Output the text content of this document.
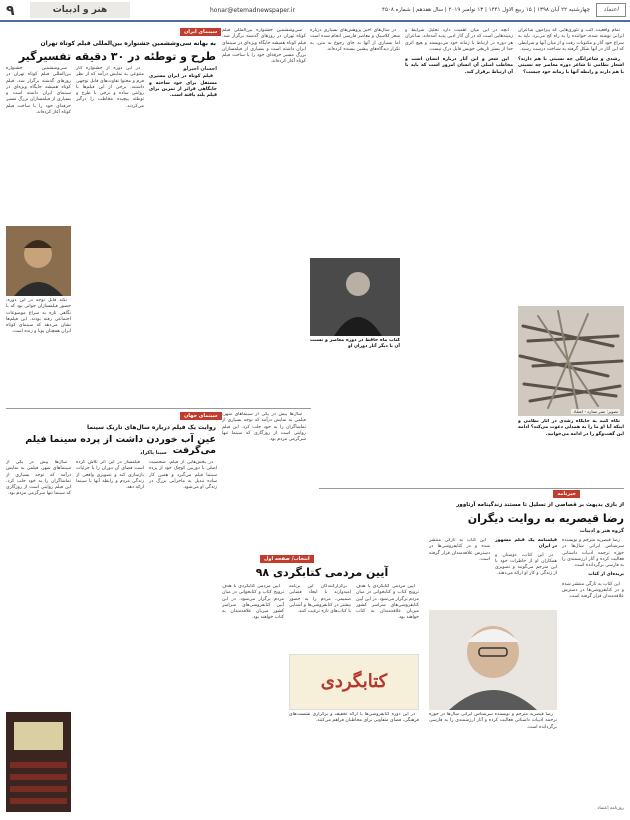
۹	هنر و ادبیات	honar@etemadnewspaper.ir	چهارشنبه ۲۲ آبان ۱۳۹۸ | ۱۵ ربیع الاول ۱۴۴۱ | ۱۳ نوامبر ۲۰۱۹ | سال هفدهم | شماره ۴۵۰۸	اعتماد

تمام واقعیت کتب و تئوری‌هایی که پیرامون شاعران ایرانی نوشته شده، خواننده را به راه کج می‌برد. باید به سراغ خود آثار و مکتوبات رفت و از میان آنها و شرایطی که این آثار در آنها شکل گرفته به شناخت درست رسید.

رشدی و شاعرانگی چه نسبتی با هم دارند؟ اشعار نظامی تا شاعر دوره معاصر چه نسبتی با هم دارند و رابطه آنها با زمانه خود چیست؟

تصویر: عنبر ستاره - اعتماد

نگاه کنید به جایگاه رشدی در آثار نظامی و اینکه آیا او ما را به همدلی دعوت می‌کند؟ ادامه این گفت‌وگو را در ادامه می‌خوانید.

آنچه در این میان اهمیت دارد تحلیل شرایط و زمینه‌هایی است که در آن آثار ادبی پدید آمده‌اند. شاعران هر دوره در ارتباط با زمانه خود می‌نویسند و هیچ اثری جدا از بستر تاریخی خویش قابل درک نیست.

این شعر و این آثار درباره انسان است و مخاطب اصلی آن انسان امروز است که باید با آن ارتباط برقرار کند.

در سال‌های اخیر پژوهش‌های بسیاری درباره شعر کلاسیک و معاصر فارسی انجام شده است اما بسیاری از آنها به جای رجوع به متن، به تکرار دیدگاه‌های پیشین بسنده کرده‌اند.

کتاب ماه حافظ در دوره معاصر و نسبت آن با دیگر آثار دوران او
سینمای ایران
به بهانه سی‌وششمین جشنواره بین‌المللی فیلم کوتاه تهران
طرح و توطئه در ۳۰ دقیقه تفسیرگیر

سی‌وششمین جشنواره بین‌المللی فیلم کوتاه تهران در روزهای گذشته برگزار شد. فیلم کوتاه همیشه جایگاه ویژه‌ای در سینمای ایران داشته است و بسیاری از فیلمسازان بزرگ مسیر حرفه‌ای خود را با ساخت فیلم کوتاه آغاز کرده‌اند.

نکته قابل توجه در این دوره، حضور فیلمسازان جوانی بود که با نگاهی تازه به سراغ موضوعات اجتماعی رفته بودند. این فیلم‌ها نشان می‌دهد که سینمای کوتاه ایران همچنان پویا و زنده است.

در این دوره از جشنواره آثار متنوعی به نمایش درآمد که از نظر فرم و محتوا تفاوت‌های قابل توجهی داشتند. برخی از این فیلم‌ها با روایتی ساده و برخی با طرح و توطئه پیچیده مخاطب را درگیر می‌کردند.

احسان آجیرلو

فیلم کوتاه در ایران مسیری مستقل برای خود ساخته و جایگاهی فراتر از تمرین برای فیلم بلند یافته است.

سی‌وششمین جشنواره بین‌المللی فیلم کوتاه تهران در روزهای گذشته برگزار شد. فیلم کوتاه همیشه جایگاه ویژه‌ای در سینمای ایران داشته است و بسیاری از فیلمسازان بزرگ مسیر حرفه‌ای خود را با ساخت فیلم کوتاه آغاز کرده‌اند.

سینمای جهان
روایت یک فیلم درباره سال‌های تاریک سینما
عین آب خوردن داشت از پرده سینما فیلم می‌گرفت
سینا پاکزاد

سال‌ها پیش در یکی از سینماهای شهر، فیلمی به نمایش درآمد که توجه بسیاری از تماشاگران را به خود جلب کرد. این فیلم روایتی است از روزگاری که سینما تنها سرگرمی مردم بود.

فیلمساز در این اثر تلاش کرده است فضای آن دوران را با جزئیات بازسازی کند و تصویری واقعی از زندگی مردم و رابطه آنها با سینما ارائه دهد.

در بخش‌هایی از فیلم، شخصیت اصلی با دوربین کوچک خود از پرده سینما فیلم می‌گیرد و همین کار ساده تبدیل به ماجرایی بزرگ در زندگی او می‌شود.

سال‌ها پیش در یکی از سینماهای شهر، فیلمی به نمایش درآمد که توجه بسیاری از تماشاگران را به خود جلب کرد. این فیلم روایتی است از روزگاری که سینما تنها سرگرمی مردم بود.

انتخاب/ صفحه اول
آیین مردمی کتابگردی ۹۸

آیین مردمی کتابگردی با هدف ترویج کتاب و کتابخوانی در میان مردم برگزار می‌شود. در این آیین کتابفروشی‌های سراسر کشور میزبان علاقه‌مندان به کتاب خواهند بود.

برگزارکنندگان این برنامه امیدوارند با ایجاد فضایی صمیمی، مردم را به حضور بیشتر در کتابفروشی‌ها و آشنایی با کتاب‌های تازه ترغیب کنند.

کتابگردی

در این دوره کتابفروشی‌ها با ارائه تخفیف و برگزاری نشست‌های فرهنگی، فضای متفاوتی برای مخاطبان فراهم می‌کنند.

آیین مردمی کتابگردی با هدف ترویج کتاب و کتابخوانی در میان مردم برگزار می‌شود. در این آیین کتابفروشی‌های سراسر کشور میزبان علاقه‌مندان به کتاب خواهند بود.

خبرنامه
از بازی بدیهت بر قصاصی از تسلیل تا مستند زندگینامه آرتاوور
رضا قیصریه به روایت دیگران
گروه هنر و ادبیات

رضا قیصریه مترجم و نویسنده سرشناس ایرانی سال‌ها در حوزه ترجمه ادبیات داستانی فعالیت کرده و آثار ارزشمندی را به فارسی برگردانده است.

بریده‌ای از کتاب

این کتاب به تازگی منتشر شده و در کتابفروشی‌ها در دسترس علاقه‌مندان قرار گرفته است.

فیلمنامه یک فیلم مشهور در ایران

در این کتاب، دوستان و همکاران او از خاطرات خود با این مترجم می‌گویند و تصویری از زندگی و کار او ارائه می‌دهند.

رضا قیصریه مترجم و نویسنده سرشناس ایرانی سال‌ها در حوزه ترجمه ادبیات داستانی فعالیت کرده و آثار ارزشمندی را به فارسی برگردانده است.

این کتاب به تازگی منتشر شده و در کتابفروشی‌ها در دسترس علاقه‌مندان قرار گرفته است.

روزنامه اعتماد
